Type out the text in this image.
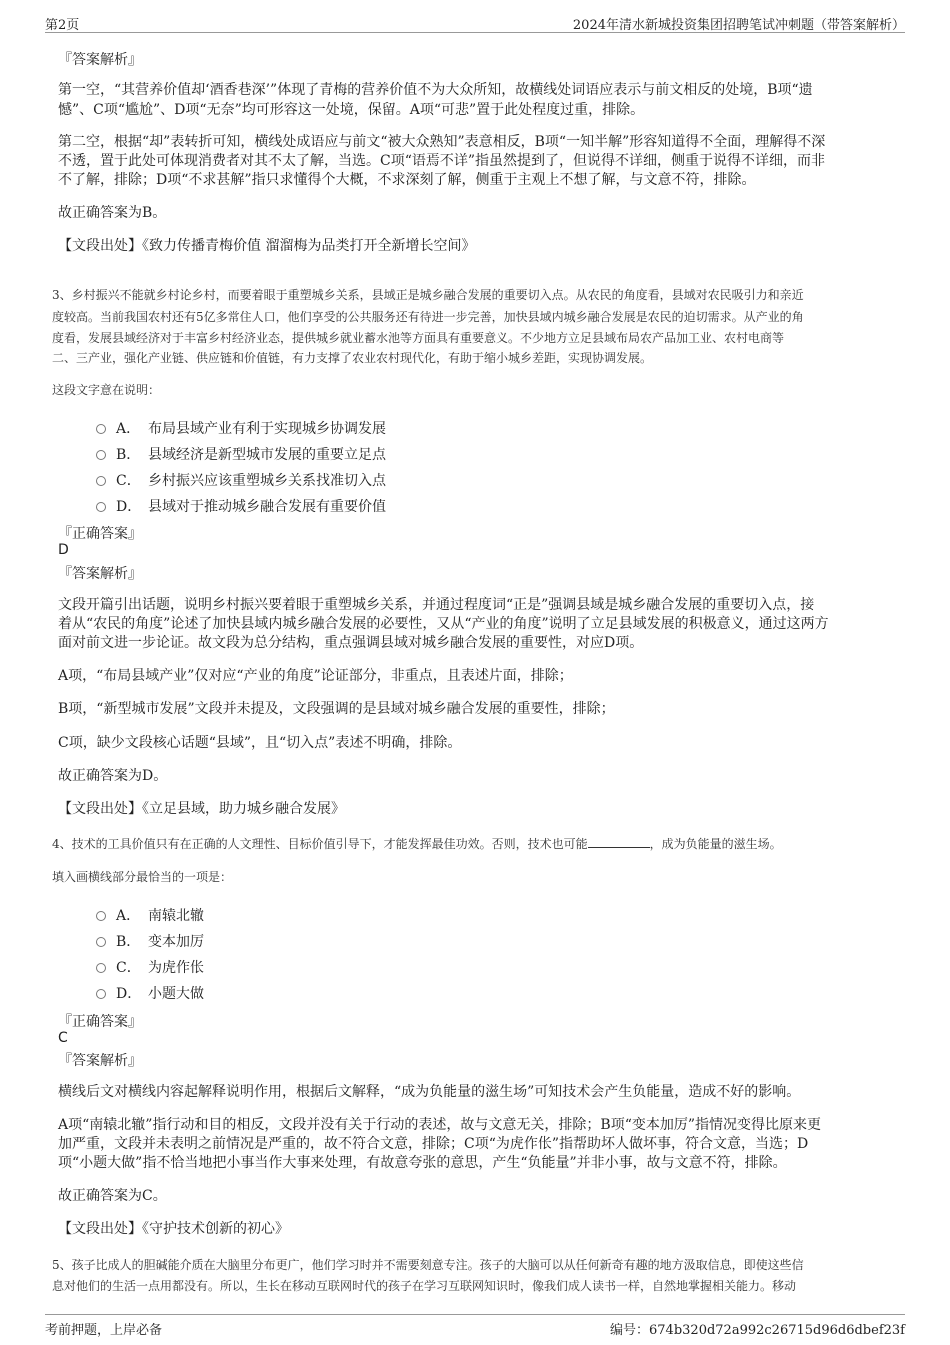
第2页	2024年清水新城投资集团招聘笔试冲刺题（带答案解析）
『答案解析』
第一空，“其营养价值却‘酒香巷深’”体现了青梅的营养价值不为大众所知，故横线处词语应表示与前文相反的处境，B项“遗
憾”、C项“尴尬”、D项“无奈”均可形容这一处境，保留。A项“可悲”置于此处程度过重，排除。
第二空，根据“却”表转折可知，横线处成语应与前文“被大众熟知”表意相反，B项“一知半解”形容知道得不全面，理解得不深
不透，置于此处可体现消费者对其不太了解，当选。C项“语焉不详”指虽然提到了，但说得不详细，侧重于说得不详细，而非
不了解，排除；D项“不求甚解”指只求懂得个大概，不求深刻了解，侧重于主观上不想了解，与文意不符，排除。
故正确答案为B。
【文段出处】《致力传播青梅价值 溜溜梅为品类打开全新增长空间》
3、乡村振兴不能就乡村论乡村，而要着眼于重塑城乡关系，县域正是城乡融合发展的重要切入点。从农民的角度看，县域对农民吸引力和亲近
度较高。当前我国农村还有5亿多常住人口，他们享受的公共服务还有待进一步完善，加快县域内城乡融合发展是农民的迫切需求。从产业的角
度看，发展县域经济对于丰富乡村经济业态，提供城乡就业蓄水池等方面具有重要意义。不少地方立足县域布局农产品加工业、农村电商等
二、三产业，强化产业链、供应链和价值链，有力支撑了农业农村现代化，有助于缩小城乡差距，实现协调发展。
这段文字意在说明：
A． 布局县域产业有利于实现城乡协调发展
B． 县域经济是新型城市发展的重要立足点
C． 乡村振兴应该重塑城乡关系找准切入点
D． 县域对于推动城乡融合发展有重要价值
『正确答案』
D
『答案解析』
文段开篇引出话题，说明乡村振兴要着眼于重塑城乡关系，并通过程度词“正是”强调县域是城乡融合发展的重要切入点，接
着从“农民的角度”论述了加快县域内城乡融合发展的必要性，又从“产业的角度”说明了立足县域发展的积极意义，通过这两方
面对前文进一步论证。故文段为总分结构，重点强调县域对城乡融合发展的重要性，对应D项。
A项，“布局县域产业”仅对应“产业的角度”论证部分，非重点，且表述片面，排除；
B项，“新型城市发展”文段并未提及，文段强调的是县域对城乡融合发展的重要性，排除；
C项，缺少文段核心话题“县域”，且“切入点”表述不明确，排除。
故正确答案为D。
【文段出处】《立足县域，助力城乡融合发展》
4、技术的工具价值只有在正确的人文理性、目标价值引导下，才能发挥最佳功效。否则，技术也可能	，成为负能量的滋生场。
填入画横线部分最恰当的一项是：
A． 南辕北辙
B． 变本加厉
C． 为虎作伥
D． 小题大做
『正确答案』
C
『答案解析』
横线后文对横线内容起解释说明作用，根据后文解释，“成为负能量的滋生场”可知技术会产生负能量，造成不好的影响。
A项“南辕北辙”指行动和目的相反，文段并没有关于行动的表述，故与文意无关，排除；B项“变本加厉”指情况变得比原来更
加严重，文段并未表明之前情况是严重的，故不符合文意，排除；C项“为虎作伥”指帮助坏人做坏事，符合文意，当选；D
项“小题大做”指不恰当地把小事当作大事来处理，有故意夸张的意思，产生“负能量”并非小事，故与文意不符，排除。
故正确答案为C。
【文段出处】《守护技术创新的初心》
5、孩子比成人的胆碱能介质在大脑里分布更广，他们学习时并不需要刻意专注。孩子的大脑可以从任何新奇有趣的地方汲取信息，即使这些信
息对他们的生活一点用都没有。所以，生长在移动互联网时代的孩子在学习互联网知识时，像我们成人读书一样，自然地掌握相关能力。移动
考前押题，上岸必备	编号：674b320d72a992c26715d96d6dbef23f
